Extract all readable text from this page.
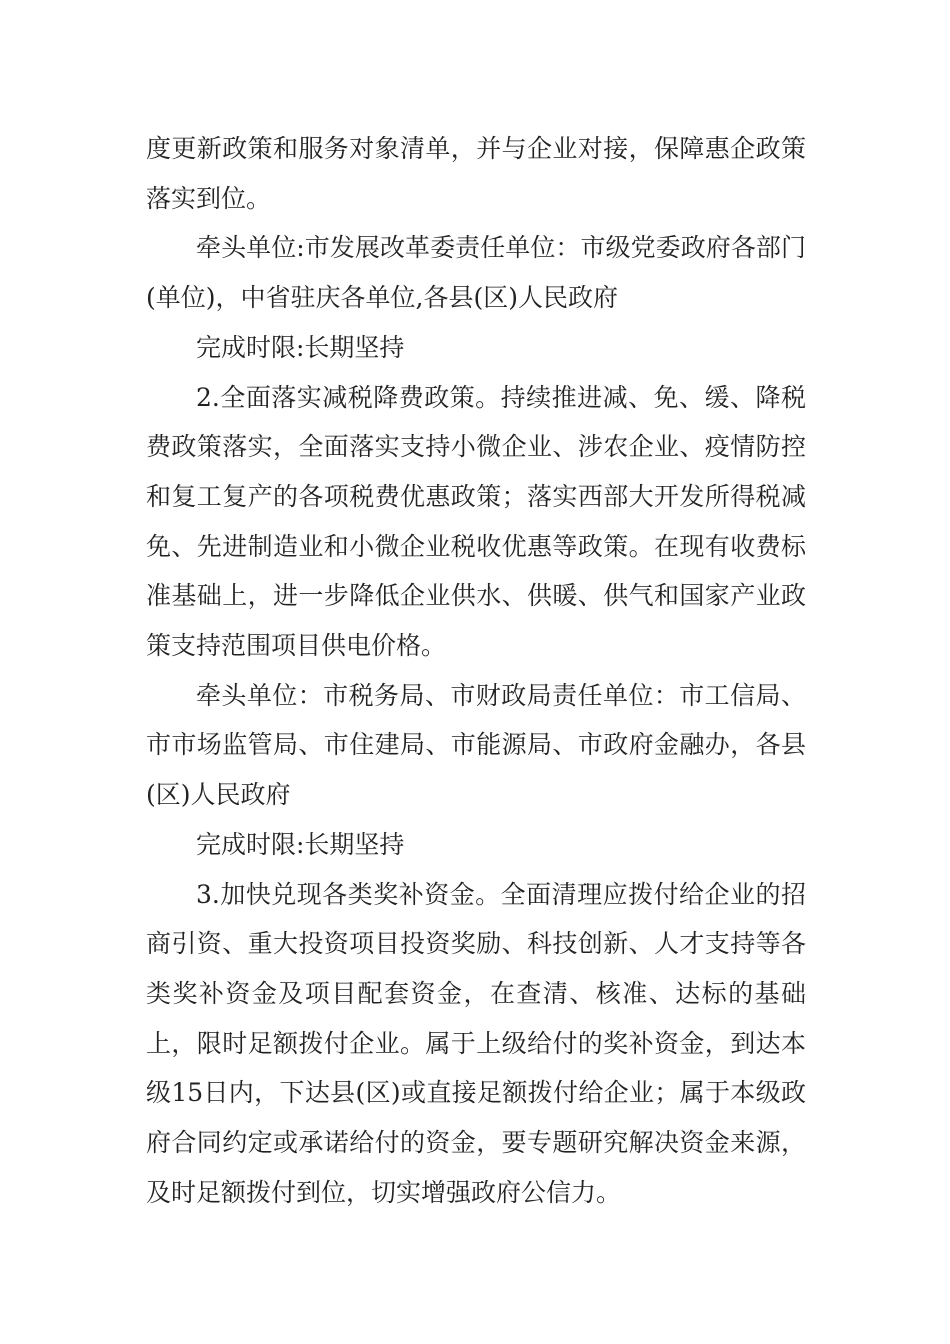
度更新政策和服务对象清单，并与企业对接，保障惠企政策落实到位。

牵头单位:市发展改革委责任单位：市级党委政府各部门(单位)，中省驻庆各单位,各县(区)人民政府

完成时限:长期坚持

2.全面落实减税降费政策。持续推进减、免、缓、降税费政策落实，全面落实支持小微企业、涉农企业、疫情防控和复工复产的各项税费优惠政策；落实西部大开发所得税减免、先进制造业和小微企业税收优惠等政策。在现有收费标准基础上，进一步降低企业供水、供暖、供气和国家产业政策支持范围项目供电价格。

牵头单位：市税务局、市财政局责任单位：市工信局、市市场监管局、市住建局、市能源局、市政府金融办，各县(区)人民政府

完成时限:长期坚持

3.加快兑现各类奖补资金。全面清理应拨付给企业的招商引资、重大投资项目投资奖励、科技创新、人才支持等各类奖补资金及项目配套资金，在查清、核准、达标的基础上，限时足额拨付企业。属于上级给付的奖补资金，到达本级15日内，下达县(区)或直接足额拨付给企业；属于本级政府合同约定或承诺给付的资金，要专题研究解决资金来源，及时足额拨付到位，切实增强政府公信力。
